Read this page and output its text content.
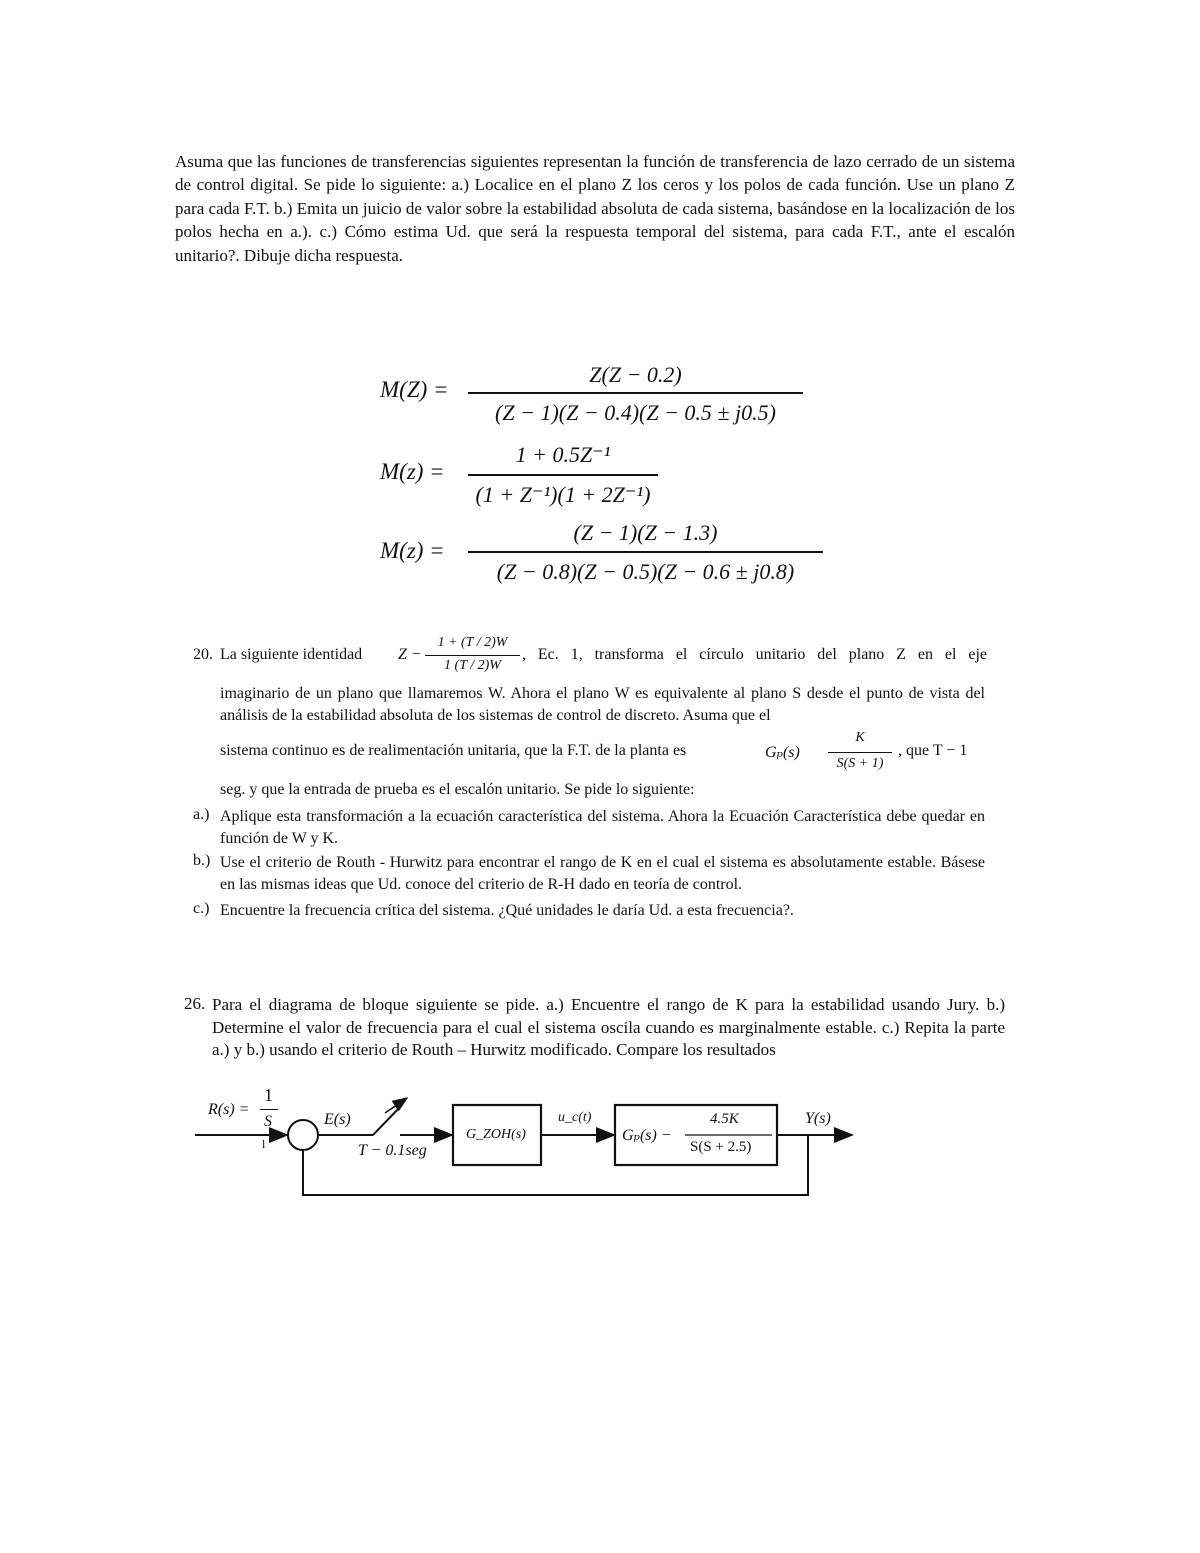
Asuma que las funciones de transferencias siguientes representan la función de transferencia de lazo cerrado de un sistema de control digital. Se pide lo siguiente: a.) Localice en el plano Z los ceros y los polos de cada función. Use un plano Z para cada F.T. b.) Emita un juicio de valor sobre la estabilidad absoluta de cada sistema, basándose en la localización de los polos hecha en a.). c.) Cómo estima Ud. que será la respuesta temporal del sistema, para cada F.T., ante el escalón unitario?. Dibuje dicha respuesta.
M(Z) =
Z(Z − 0.2)
(Z − 1)(Z − 0.4)(Z − 0.5 ± j0.5)
M(z) =
1 + 0.5Z⁻¹
(1 + Z⁻¹)(1 + 2Z⁻¹)
M(z) =
(Z − 1)(Z − 1.3)
(Z − 0.8)(Z − 0.5)(Z − 0.6 ± j0.8)
20. La siguiente identidad Z −
1 + (T / 2)W
1 (T / 2)W
, Ec. 1, transforma el círculo unitario del plano Z en el eje
imaginario de un plano que llamaremos W. Ahora el plano W es equivalente al plano S desde el punto de vista del análisis de la estabilidad absoluta de los sistemas de control de discreto. Asuma que el
sistema continuo es de realimentación unitaria, que la F.T. de la planta es	Gₚ(s)
K
S(S + 1)
, que T − 1
seg. y que la entrada de prueba es el escalón unitario. Se pide lo siguiente:
a.) Aplique esta transformación a la ecuación característica del sistema. Ahora la Ecuación Característica debe quedar en función de W y K.
b.) Use el criterio de Routh - Hurwitz para encontrar el rango de K en el cual el sistema es absolutamente estable. Básese en las mismas ideas que Ud. conoce del criterio de R-H dado en teoría de control.
c.) Encuentre la frecuencia crítica del sistema. ¿Qué unidades le daría Ud. a esta frecuencia?.
26. Para el diagrama de bloque siguiente se pide. a.) Encuentre el rango de K para la estabilidad usando Jury. b.) Determine el valor de frecuencia para el cual el sistema oscila cuando es marginalmente estable. c.) Repita la parte a.) y b.) usando el criterio de Routh – Hurwitz modificado. Compare los resultados
R(s) =
1
S
l
E(s)
T − 0.1seg
G_ZOH(s)
u_c(t)
Gₚ(s) −
4.5K
S(S + 2.5)
Y(s)
